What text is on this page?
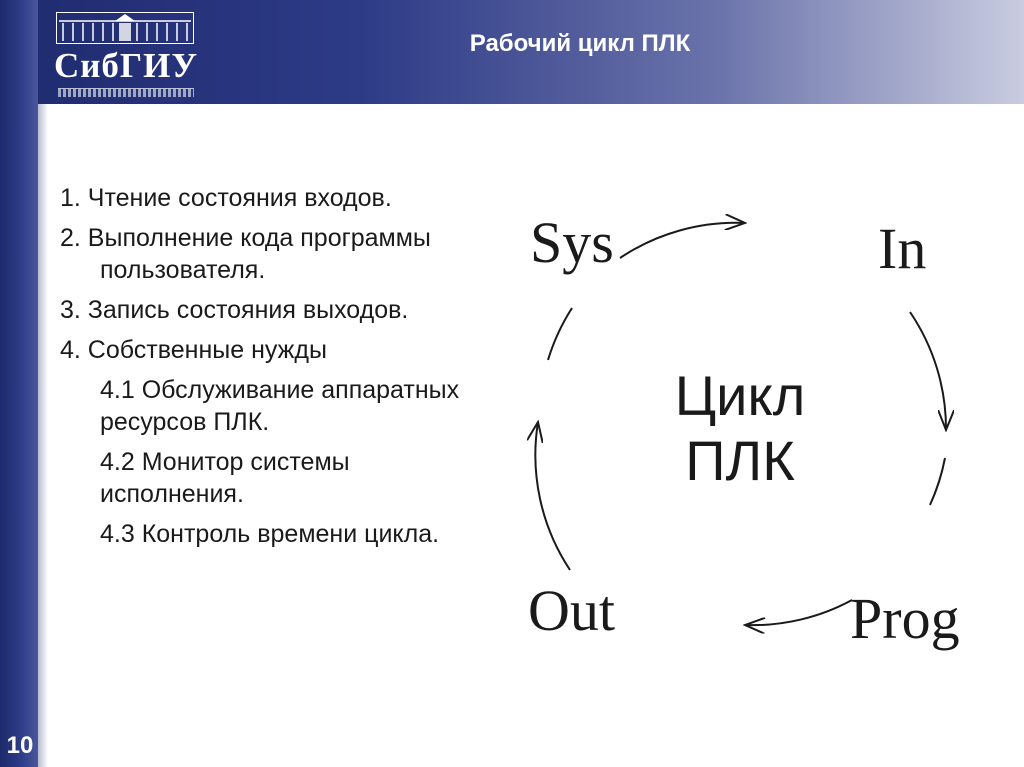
СибГИУ
Рабочий цикл ПЛК
1. Чтение состояния входов.
2. Выполнение кода программы пользователя.
3. Запись состояния выходов.
4. Собственные нужды
4.1 Обслуживание аппаратных ресурсов ПЛК.
4.2 Монитор системы исполнения.
4.3 Контроль времени цикла.
Sys	In
Prog
Out
Цикл
ПЛК
10
